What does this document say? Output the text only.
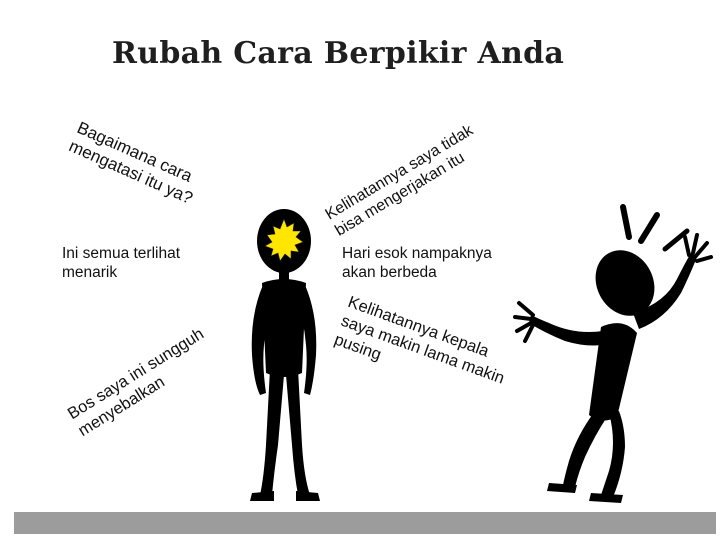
Rubah Cara Berpikir Anda
Bagaimana cara
mengatasi itu ya?	Kelihatannya saya tidak
bisa mengerjakan itu
Ini semua terlihat
menarik
Hari esok nampaknya
akan berbeda
Kelihatannya kepala
saya makin lama makin
pusing
Bos saya ini sungguh
menyebalkan
